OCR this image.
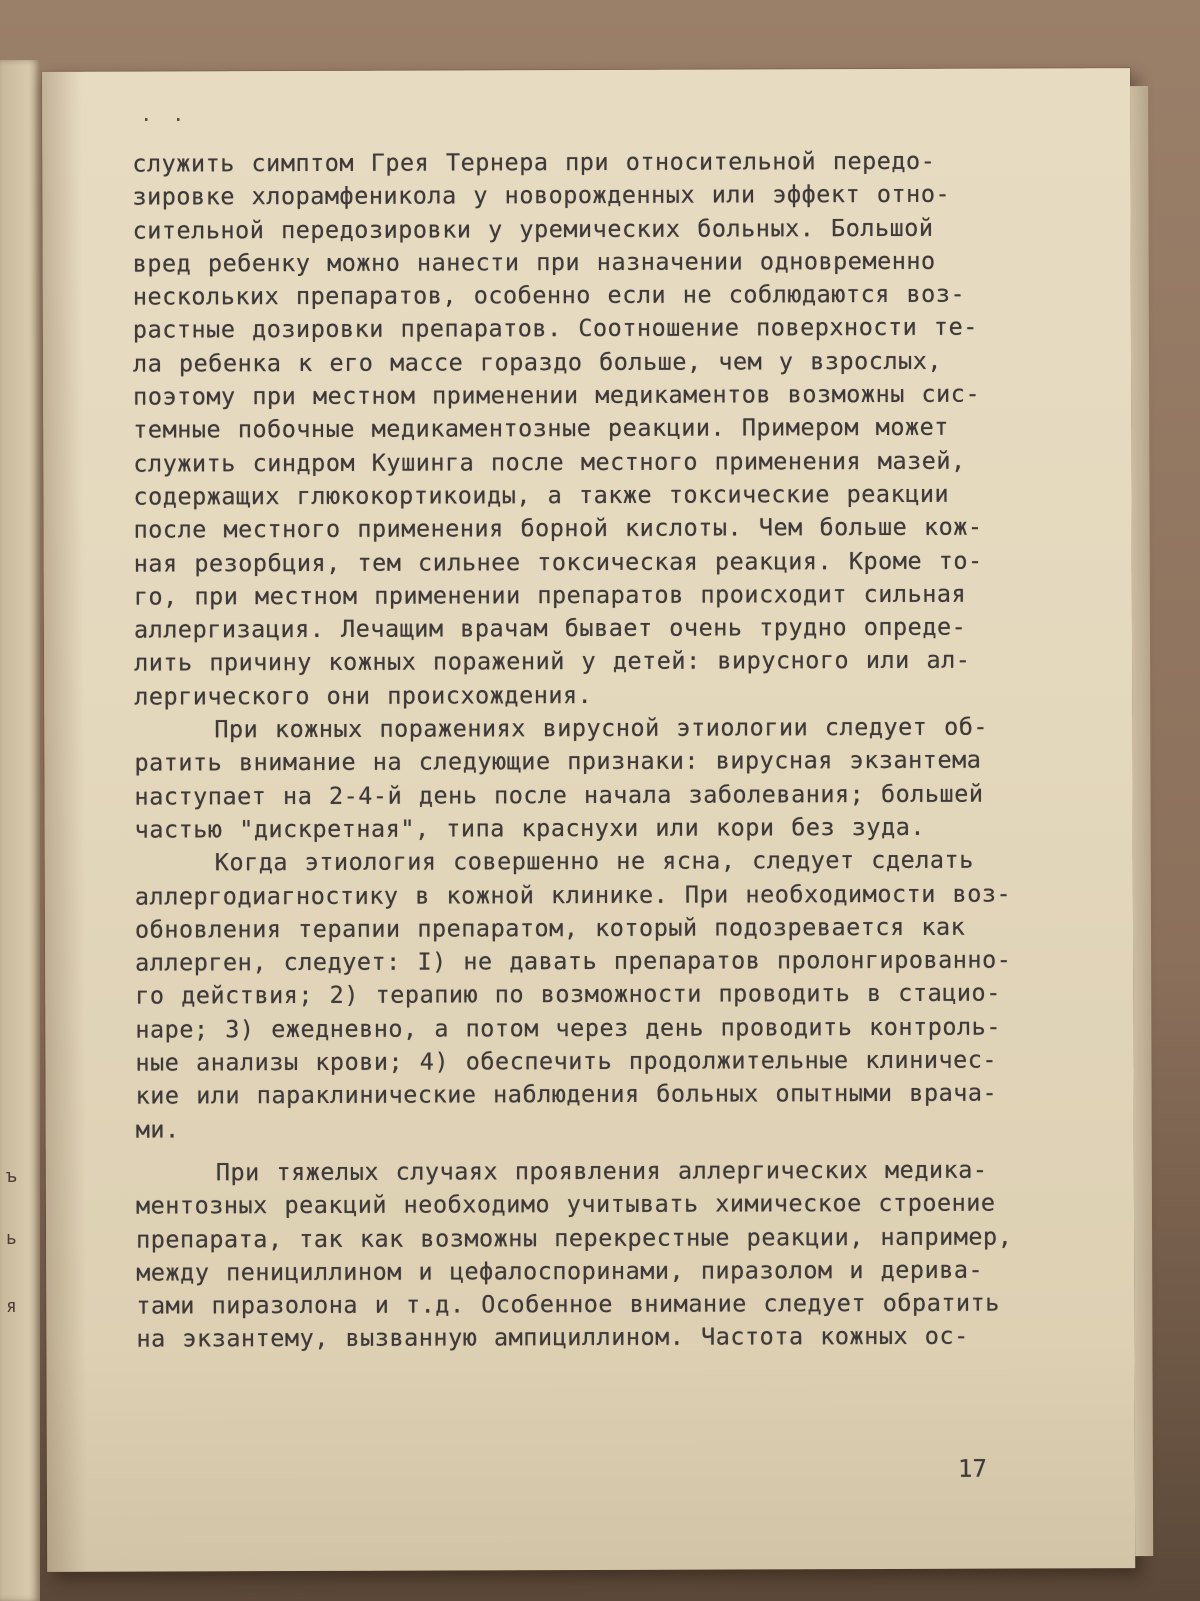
ъ
ь
я
· ·
служить симптом Грея Тернера при относительной передо-
зировке хлорамфеникола у новорожденных или эффект отно-
сительной передозировки у уремических больных. Большой
вред ребенку можно нанести при назначении одновременно
нескольких препаратов, особенно если не соблюдаются воз-
растные дозировки препаратов. Соотношение поверхности те-
ла ребенка к его массе гораздо больше, чем у взрослых,
поэтому при местном применении медикаментов возможны сис-
темные побочные медикаментозные реакции. Примером может
служить синдром Кушинга после местного применения мазей,
содержащих глюкокортикоиды, а также токсические реакции
после местного применения борной кислоты. Чем больше кож-
ная резорбция, тем сильнее токсическая реакция. Кроме то-
го, при местном применении препаратов происходит сильная
аллергизация. Лечащим врачам бывает очень трудно опреде-
лить причину кожных поражений у детей: вирусного или ал-
лергического они происхождения.
При кожных поражениях вирусной этиологии следует об-
ратить внимание на следующие признаки: вирусная экзантема
наступает на 2-4-й день после начала заболевания; большей
частью "дискретная", типа краснухи или кори без зуда.
Когда этиология совершенно не ясна, следует сделать
аллергодиагностику в кожной клинике. При необходимости воз-
обновления терапии препаратом, который подозревается как
аллерген, следует: I) не давать препаратов пролонгированно-
го действия; 2) терапию по возможности проводить в стацио-
наре; 3) ежедневно, а потом через день проводить контроль-
ные анализы крови; 4) обеспечить продолжительные клиничес-
кие или параклинические наблюдения больных опытными врача-
ми.
При тяжелых случаях проявления аллергических медика-
ментозных реакций необходимо учитывать химическое строение
препарата, так как возможны перекрестные реакции, например,
между пенициллином и цефалоспоринами, пиразолом и дерива-
тами пиразолона и т.д. Особенное внимание следует обратить
на экзантему, вызванную ампициллином. Частота кожных ос-
17
